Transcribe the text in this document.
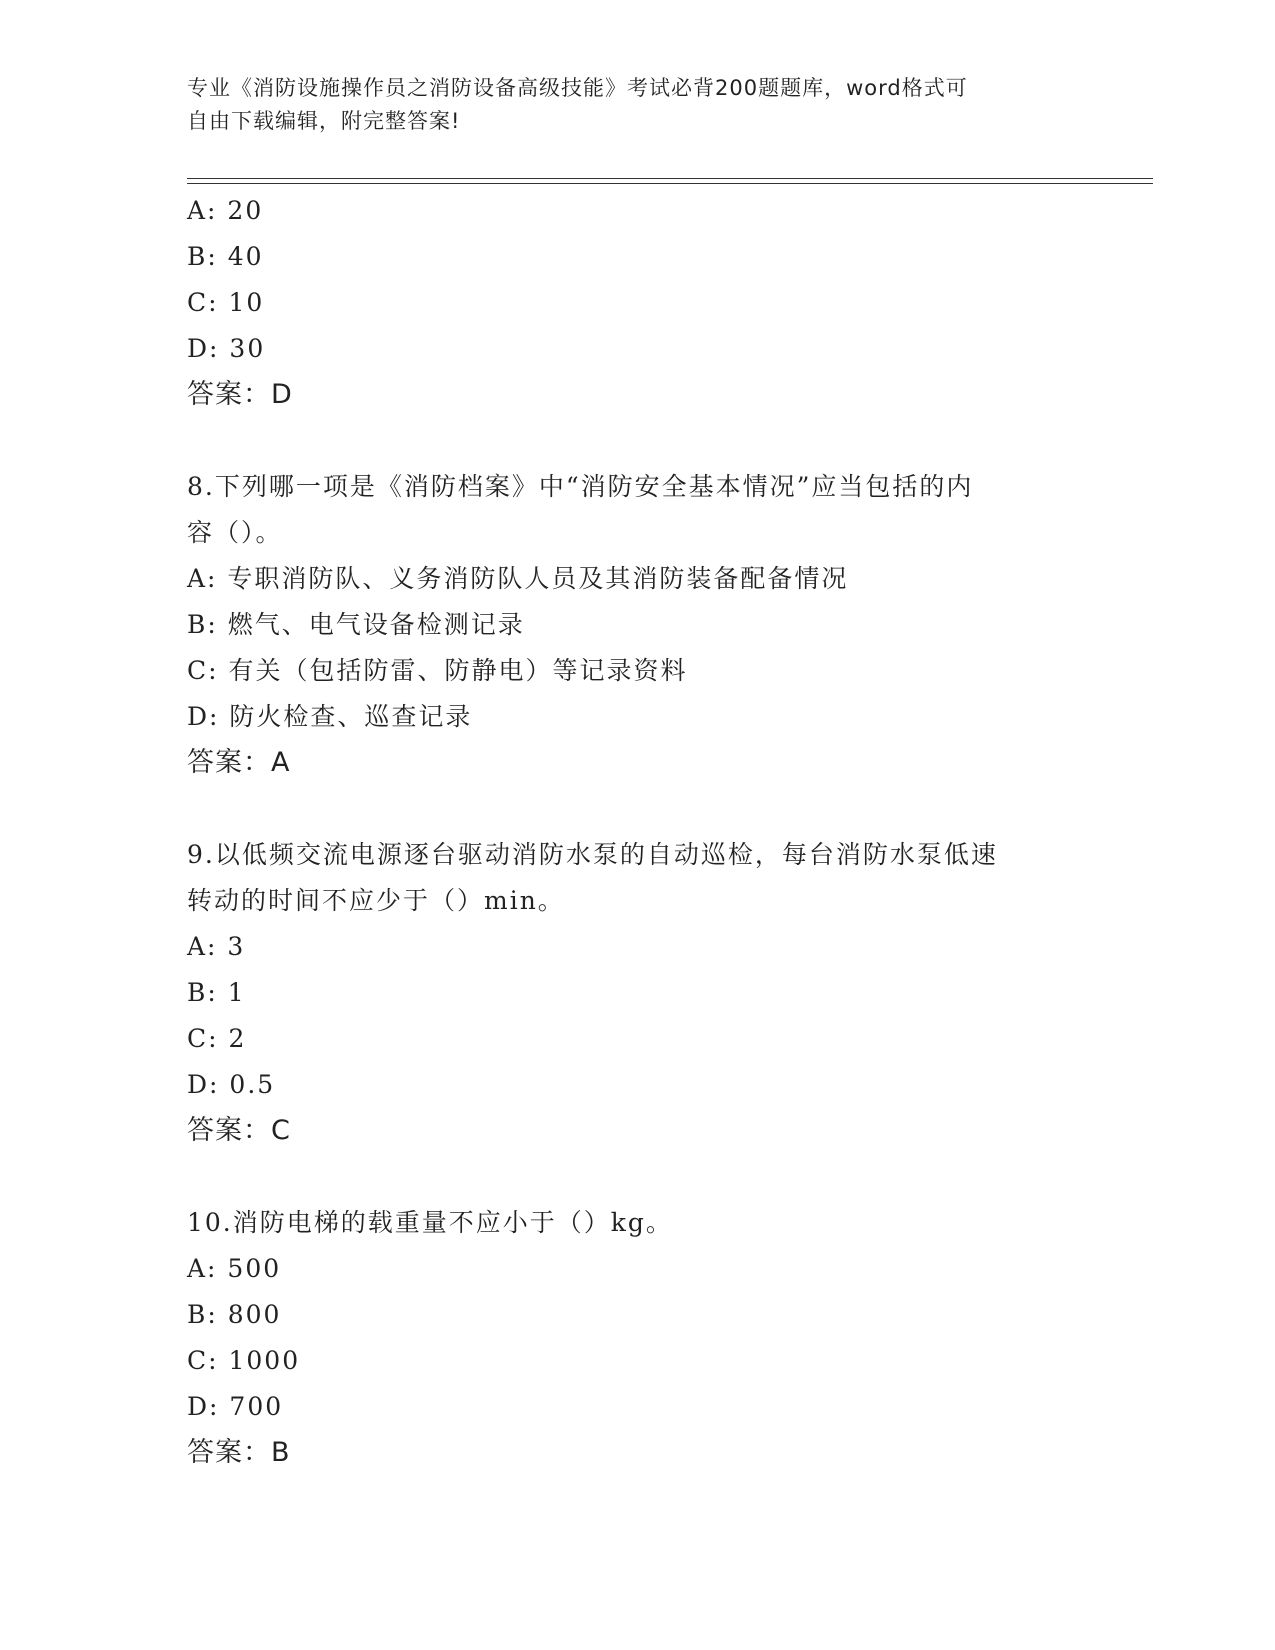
专业《消防设施操作员之消防设备高级技能》考试必背200题题库，word格式可
自由下载编辑，附完整答案!
A: 20
B: 40
C: 10
D: 30
答案：D
8.下列哪一项是《消防档案》中“消防安全基本情况”应当包括的内
容（）。
A: 专职消防队、义务消防队人员及其消防装备配备情况
B: 燃气、电气设备检测记录
C: 有关（包括防雷、防静电）等记录资料
D: 防火检查、巡查记录
答案：A
9.以低频交流电源逐台驱动消防水泵的自动巡检，每台消防水泵低速
转动的时间不应少于（）min。
A: 3
B: 1
C: 2
D: 0.5
答案：C
10.消防电梯的载重量不应小于（）kg。
A: 500
B: 800
C: 1000
D: 700
答案：B
